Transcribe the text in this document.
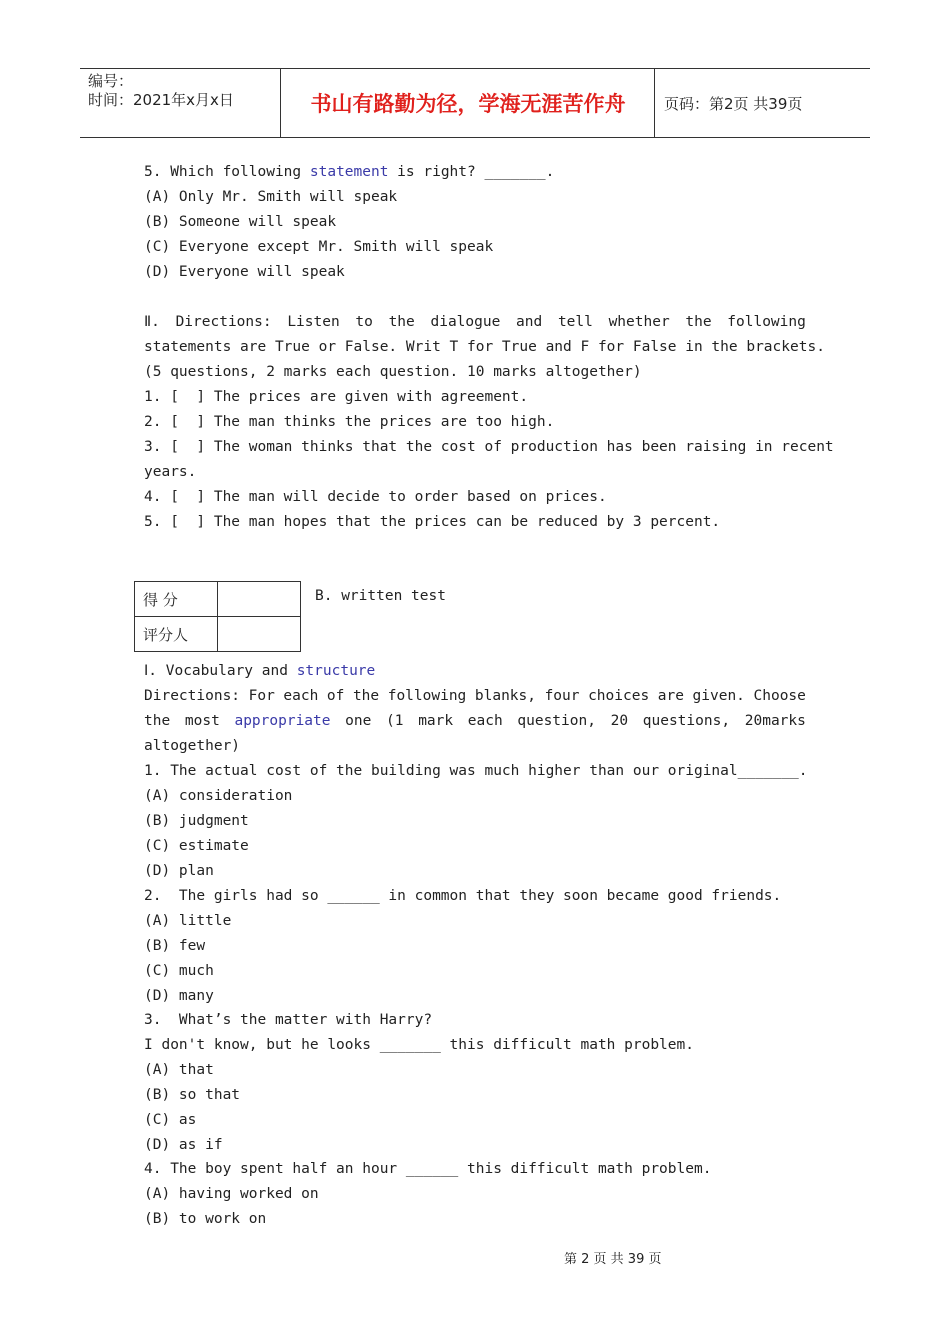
编号：
时间：2021年x月x日	书山有路勤为径，学海无涯苦作舟	页码：第2页 共39页
5. Which following statement is right? _______.
(A) Only Mr. Smith will speak
(B) Someone will speak
(C) Everyone except Mr. Smith will speak
(D) Everyone will speak
Ⅱ. Directions: Listen to the dialogue and tell whether the following
statements are True or False. Writ T for True and F for False in the brackets.
(5 questions, 2 marks each question. 10 marks altogether)
1. [  ] The prices are given with agreement.
2. [  ] The man thinks the prices are too high.
3. [  ] The woman thinks that the cost of production has been raising in recent
years.
4. [  ] The man will decide to order based on prices.
5. [  ] The man hopes that the prices can be reduced by 3 percent.
得 分	
评分人	
B. written test
Ⅰ. Vocabulary and structure
Directions: For each of the following blanks, four choices are given. Choose
the most appropriate one (1 mark each question, 20 questions, 20marks
altogether)
1. The actual cost of the building was much higher than our original_______.
(A) consideration
(B) judgment
(C) estimate
(D) plan
2.  The girls had so ______ in common that they soon became good friends.
(A) little
(B) few
(C) much
(D) many
3.  What’s the matter with Harry?
I don't know, but he looks _______ this difficult math problem.
(A) that
(B) so that
(C) as
(D) as if
4. The boy spent half an hour ______ this difficult math problem.
(A) having worked on
(B) to work on
第 2 页 共 39 页
